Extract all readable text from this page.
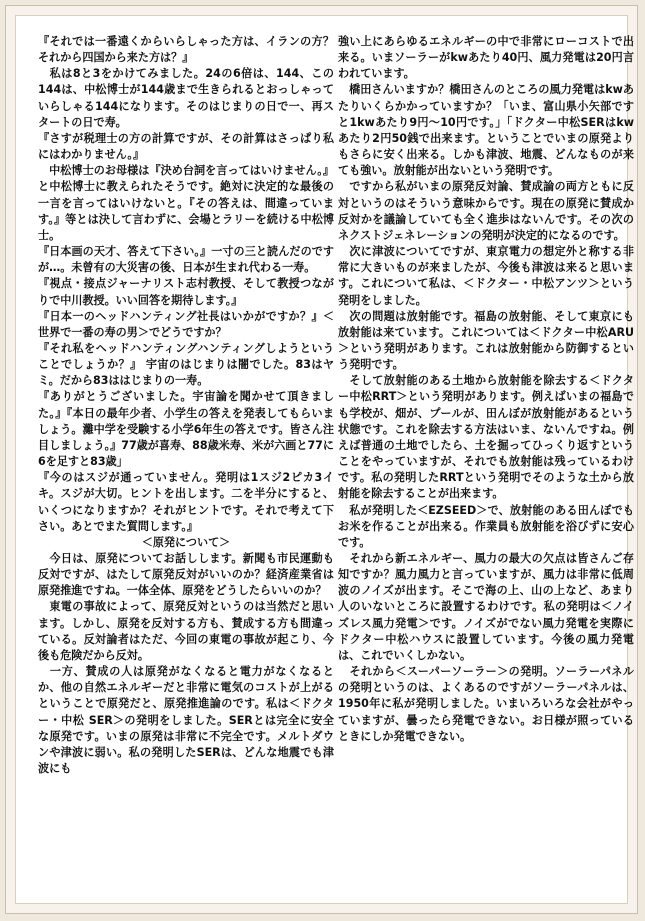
『それでは一番遠くからいらしゃった方は、イランの方？それから四国から来た方は？』

　私は8と3をかけてみました。24の6倍は、144、この144は、中松博士が144歳まで生きられるとおっしゃっていらしゃる144になります。そのはじまりの日で一、再スタートの日で寿。

『さすが税理士の方の計算ですが、その計算はさっぱり私にはわかりません。』

　中松博士のお母様は『決め台詞を言ってはいけません。』と中松博士に教えられたそうです。絶対に決定的な最後の一言を言ってはいけないと。『その答えは、間違っています。』等とは決して言わずに、会場とラリーを続ける中松博士。

『日本画の天才、答えて下さい。』一寸の三と読んだのですが…。未曾有の大災害の後、日本が生まれ代わる一寿。

『視点・接点ジャーナリスト志村教授、そして教授つながりで中川教授。いい回答を期待します。』

『日本一のヘッドハンティング社長はいかがですか？』＜世界で一番の寿の男＞でどうですか？

『それ私をヘッドハンティングハンティングしようということでしょうか？』 宇宙のはじまりは闇でした。83はヤミ。だから83ははじまりの一寿。

『ありがとうございました。宇宙論を聞かせて頂きました。』『本日の最年少者、小学生の答えを発表してもらいましょう。灘中学を受験する小学6年生の答えです。皆さん注目しましょう。』77歳が喜寿、88歳米寿、米が六画と77に6を足すと83歳」

『今のはスジが通っていません。発明は1スジ2ピカ3イキ。スジが大切。ヒントを出します。二を半分にすると、いくつになりますか？それがヒントです。それで考えて下さい。あとでまた質問します。』

＜原発について＞

　今日は、原発についてお話しします。新聞も市民運動も反対ですが、はたして原発反対がいいのか？経済産業省は原発推進ですね。一体全体、原発をどうしたらいいのか？

　東電の事故によって、原発反対というのは当然だと思います。しかし、原発を反対する方も、賛成する方も間違っている。反対論者はただ、今回の東電の事故が起こり、今後も危険だから反対。

　一方、賛成の人は原発がなくなると電力がなくなるとか、他の自然エネルギーだと非常に電気のコストが上がるということで原発だと、原発推進論のです。私は＜ドクター・中松 SER＞の発明をしました。SERとは完全に安全な原発です。いまの原発は非常に不完全です。メルトダウンや津波に弱い。私の発明したSERは、どんな地震でも津波にも

強い上にあらゆるエネルギーの中で非常にローコストで出来る。いまソーラーがkwあたり40円、風力発電は20円言われています。

　橋田さんいますか？橋田さんのところの風力発電はkwあたりいくらかかっていますか？「いま、富山県小矢部ですと1kwあたり9円〜10円です。」「ドクター中松SERはkwあたり2円50銭で出来ます。ということでいまの原発よりもさらに安く出来る。しかも津波、地震、どんなものが来ても強い。放射能が出ないという発明です。

　ですから私がいまの原発反対論、賛成論の両方ともに反対というのはそういう意味からです。現在の原発に賛成か反対かを議論していても全く進歩はないんです。その次のネクストジェネレーションの発明が決定的になるのです。

　次に津波についてですが、東京電力の想定外と称する非常に大きいものが来ましたが、今後も津波は来ると思います。これについて私は、＜ドクター・中松アンツ＞という発明をしました。

　次の問題は放射能です。福島の放射能、そして東京にも放射能は来ています。これについては＜ドクター中松ARU＞という発明があります。これは放射能から防御するという発明です。

　そして放射能のある土地から放射能を除去する＜ドクター中松RRT＞という発明があります。例えばいまの福島でも学校が、畑が、プールが、田んぼが放射能があるという状態です。これを除去する方法はいま、ないんですね。例えば普通の土地でしたら、土を掘ってひっくり返すということをやっていますが、それでも放射能は残っているわけです。私の発明したRRTという発明でそのような土から放射能を除去することが出来ます。

　私が発明した＜EZSEED＞で、放射能のある田んぼでもお米を作ることが出来る。作業員も放射能を浴びずに安心です。

　それから新エネルギー、風力の最大の欠点は皆さんご存知ですか？風力風力と言っていますが、風力は非常に低周波のノイズが出ます。そこで海の上、山の上など、あまり人のいないところに設置するわけです。私の発明は＜ノイズレス風力発電＞です。ノイズがでない風力発電を実際にドクター中松ハウスに設置しています。今後の風力発電は、これでいくしかない。

　それから＜スーパーソーラー＞の発明。ソーラーパネルの発明というのは、よくあるのですがソーラーパネルは、1950年に私が発明しました。いまいろいろな会社がやっていますが、曇ったら発電できない。お日様が照っているときにしか発電できない。
